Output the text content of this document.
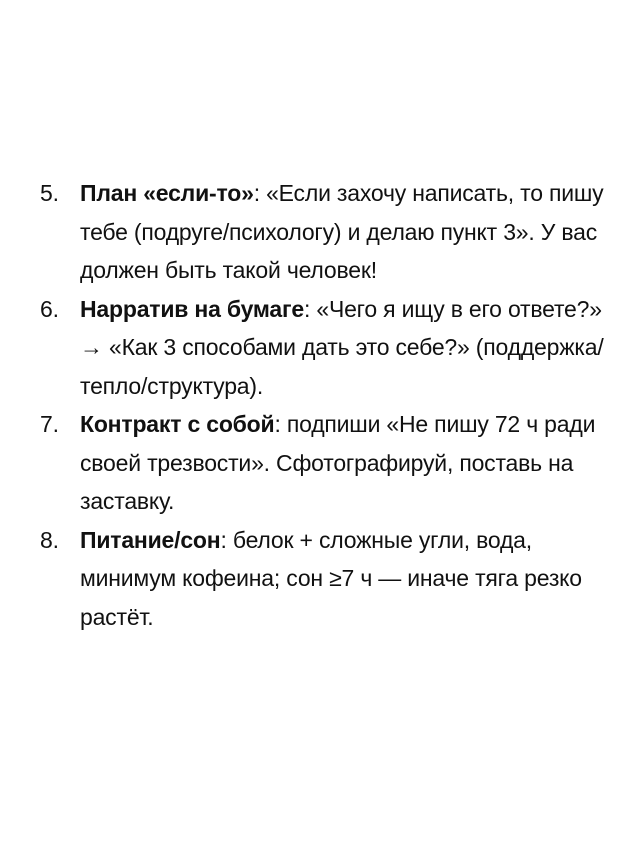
5. План «если-то»: «Если захочу написать, то пишу тебе (подруге/психологу) и делаю пункт 3». У вас должен быть такой человек!
6. Нарратив на бумаге: «Чего я ищу в его ответе?» → «Как 3 способами дать это себе?» (поддержка/тепло/структура).
7. Контракт с собой: подпиши «Не пишу 72 ч ради своей трезвости». Сфотографируй, поставь на заставку.
8. Питание/сон: белок + сложные угли, вода, минимум кофеина; сон ≥7 ч — иначе тяга резко растёт.
